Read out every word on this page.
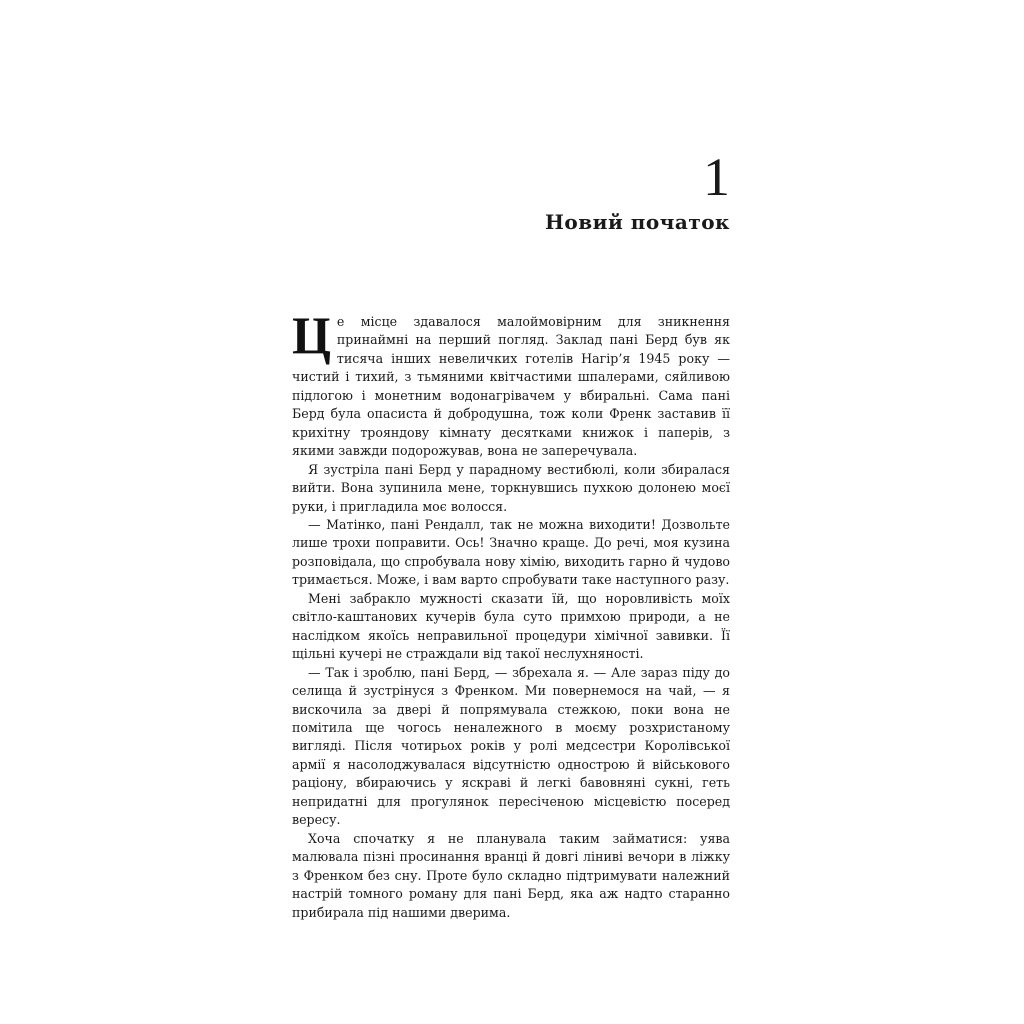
1
Новий початок

Це місце здавалося малоймовірним для зникнення принаймні на перший погляд. Заклад пані Берд був як тисяча інших невеличких готелів Нагір’я 1945 року — чистий і тихий, з тьмяними квітчастими шпалерами, сяйливою підлогою і монетним водонагрівачем у вбиральні. Сама пані Берд була опасиста й добродушна, тож коли Френк заставив її крихітну трояндову кімнату десятками книжок і паперів, з якими завжди подорожував, вона не заперечувала.

Я зустріла пані Берд у парадному вестибюлі, коли збиралася вийти. Вона зупинила мене, торкнувшись пухкою долонею моєї руки, і пригладила моє волосся.

— Матінко, пані Рендалл, так не можна виходити! Дозвольте лише трохи поправити. Ось! Значно краще. До речі, моя кузина розповідала, що спробувала нову хімію, виходить гарно й чудово тримається. Може, і вам варто спробувати таке наступного разу.

Мені забракло мужності сказати їй, що норовливість моїх світло-каштанових кучерів була суто примхою природи, а не наслідком якоїсь неправильної процедури хімічної завивки. Її щільні кучері не страждали від такої неслухняності.

— Так і зроблю, пані Берд, — збрехала я. — Але зараз піду до селища й зустрінуся з Френком. Ми повернемося на чай, — я вискочила за двері й попрямувала стежкою, поки вона не помітила ще чогось неналежного в моєму розхристаному вигляді. Після чотирьох років у ролі медсестри Королівської армії я насолоджувалася відсутністю однострою й військового раціону, вбираючись у яскраві й легкі бавовняні сукні, геть непридатні для прогулянок пересіченою місцевістю посеред вересу.

Хоча спочатку я не планувала таким займатися: уява малювала пізні просинання вранці й довгі ліниві вечори в ліжку з Френком без сну. Проте було складно підтримувати належний настрій томного роману для пані Берд, яка аж надто старанно прибирала під нашими дверима.
